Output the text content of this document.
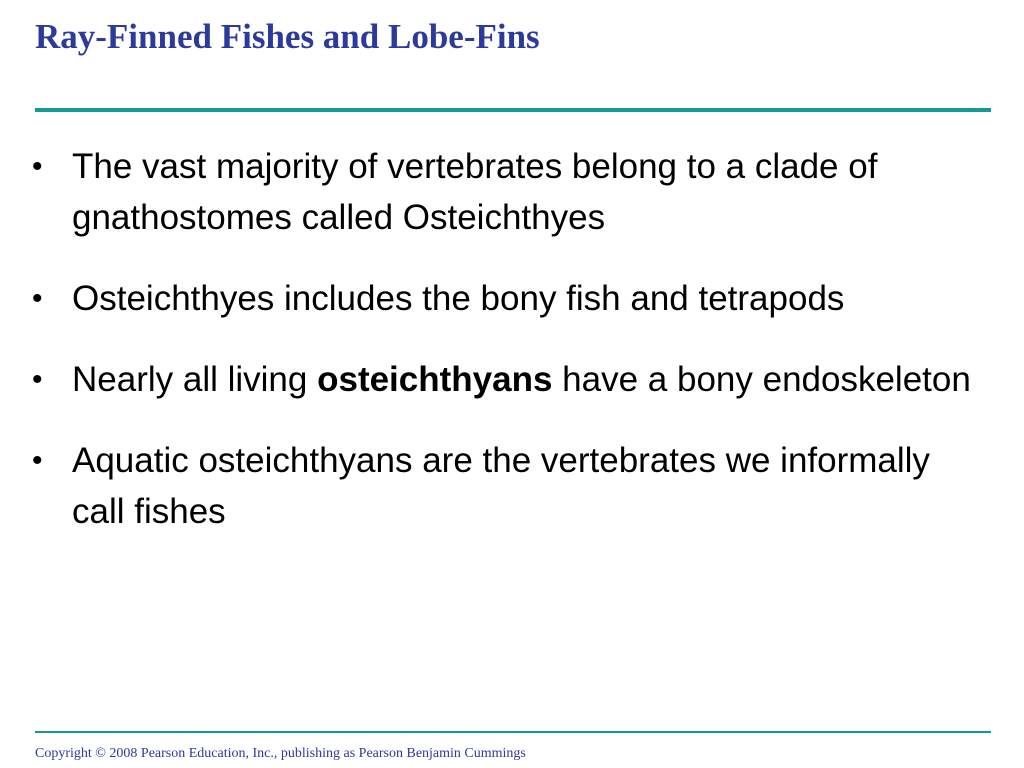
Ray-Finned Fishes and Lobe-Fins
• The vast majority of vertebrates belong to a clade of gnathostomes called Osteichthyes
• Osteichthyes includes the bony fish and tetrapods
• Nearly all living osteichthyans have a bony endoskeleton
• Aquatic osteichthyans are the vertebrates we informally call fishes
Copyright © 2008 Pearson Education, Inc., publishing as Pearson Benjamin Cummings
